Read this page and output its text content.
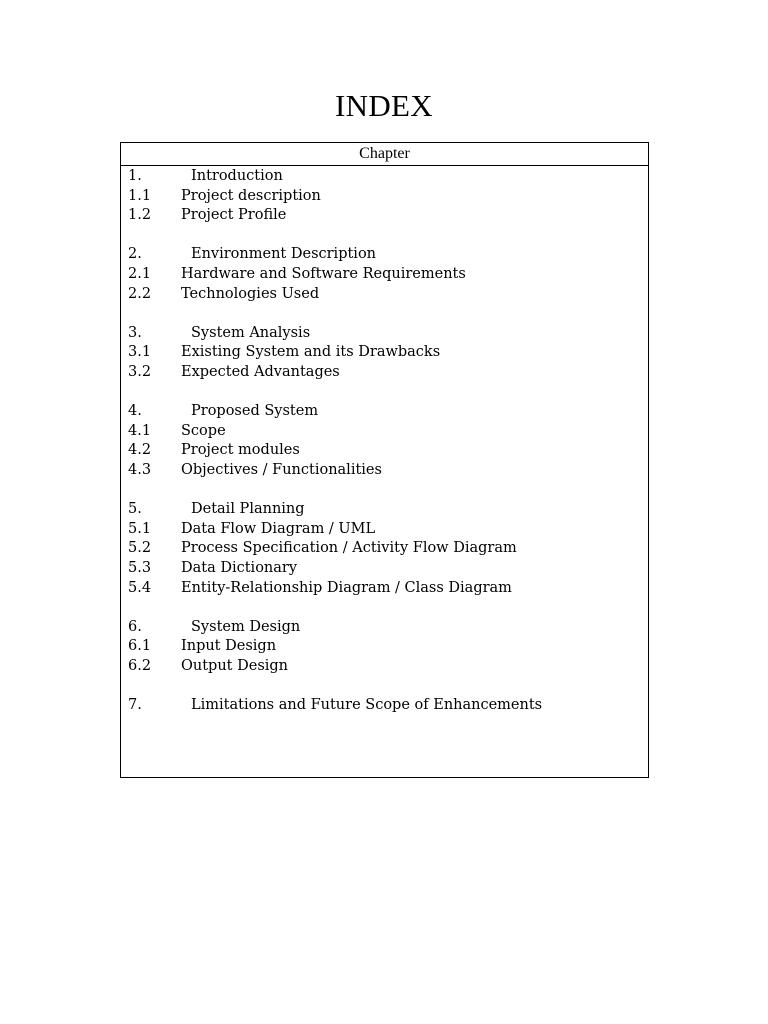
INDEX
Chapter
1.	Introduction
1.1 Project description
1.2 Project Profile
2.	Environment Description
2.1 Hardware and Software Requirements
2.2 Technologies Used
3.	System Analysis
3.1 Existing System and its Drawbacks
3.2 Expected Advantages
4.	Proposed System
4.1 Scope
4.2 Project modules
4.3 Objectives / Functionalities
5.	Detail Planning
5.1 Data Flow Diagram / UML
5.2 Process Specification / Activity Flow Diagram
5.3 Data Dictionary
5.4 Entity-Relationship Diagram / Class Diagram
6.	System Design
6.1 Input Design
6.2 Output Design
7.	Limitations and Future Scope of Enhancements
